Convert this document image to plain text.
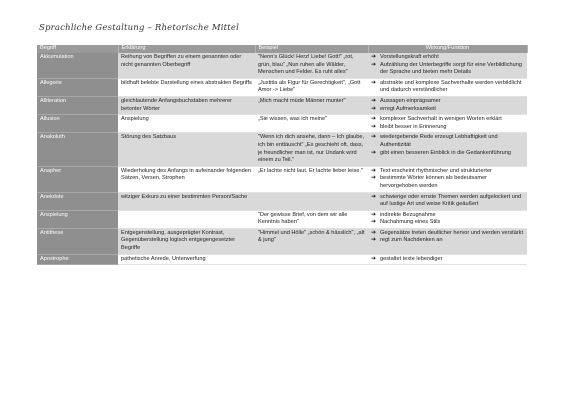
Sprachliche Gestaltung – Rhetorische Mittel
Begriff	Erklärung	Beispiel	Wirkung/Funktion
Akkumulation	Reihung von Begriffen zu einem genannten oder nicht genannten Oberbegriff	"Nenn's Glück! Herz! Liebe! Gott!" „rot, grün, blau" „Nun ruhen alle Wälder, Menschen und Felder. Es ruht alles"	➔ Vorstellungskraft erhöht
➔ Aufzählung der Unterbegriffe sorgt für eine Verbildlichung der Sprache und bieten mehr Details

Allegorie	bildhaft belebte Darstellung eines abstrakten Begriffs	„Justitia als Figur für Gerechtigkeit", „Gott Amor -> Liebe"	➔ abstrakte und komplexe Sachverhalte werden verbildlicht und dadurch verständlicher

Alliteration	gleichlautende Anfangsbuchstaben mehrerer betonter Wörter	„Mich macht müde Männer munter"	➔ Aussagen einprägsamer
➔ erregt Aufmerksamkeit

Allusion	Anspielung	„Sie wissen, was ich meine"	➔ komplexer Sachverhalt in wenigen Worten erklärt
➔ bleibt besser in Erinnerung

Anakoluth	Störung des Satzbaus	"Wenn ich dich ansehe, dann – Ich glaube, ich bin enttäuscht" „Es geschieht oft, dass, je freundlicher man ist, nur Undank wird einem zu Teil."	➔ wiedergebende Rede erzeugt Lebhaftigkeit und Authentizität
➔ gibt einen besseren Einblick in die Gedankenführung

Anapher	Wiederholung des Anfangs in aufeinander folgenden Sätzen, Versen, Strophen	„Er lachte nicht laut. Er lachte lieber leise."	➔ Text erscheint rhythmischer und strukturierter
➔ bestimmte Wörter können als bedeutsamer hervorgehoben werden

Anekdote	witziger Exkurs zu einer bestimmten Person/Sache		➔ schwierige oder ernste Themen werden aufgelockert und auf lustige Art und weise Kritik geäußert

Anspielung		"Der gewisse Brief, von dem wir alle Kenntnis haben"	➔ indirekte Bezugnahme
➔ Nachahmung eines Stils

Antithese	Entgegenstellung, ausgeprägter Kontrast, Gegenüberstellung logisch entgegengesetzter Begriffe	"Himmel und Hölle" „schön & hässlich", „alt & jung"	➔ Gegensätze treten deutlicher hervor und werden verstärkt
➔ regt zum Nachdenken an

Apostrophe	pathetische Anrede, Unterwerfung		➔ gestaltet texte lebendiger
